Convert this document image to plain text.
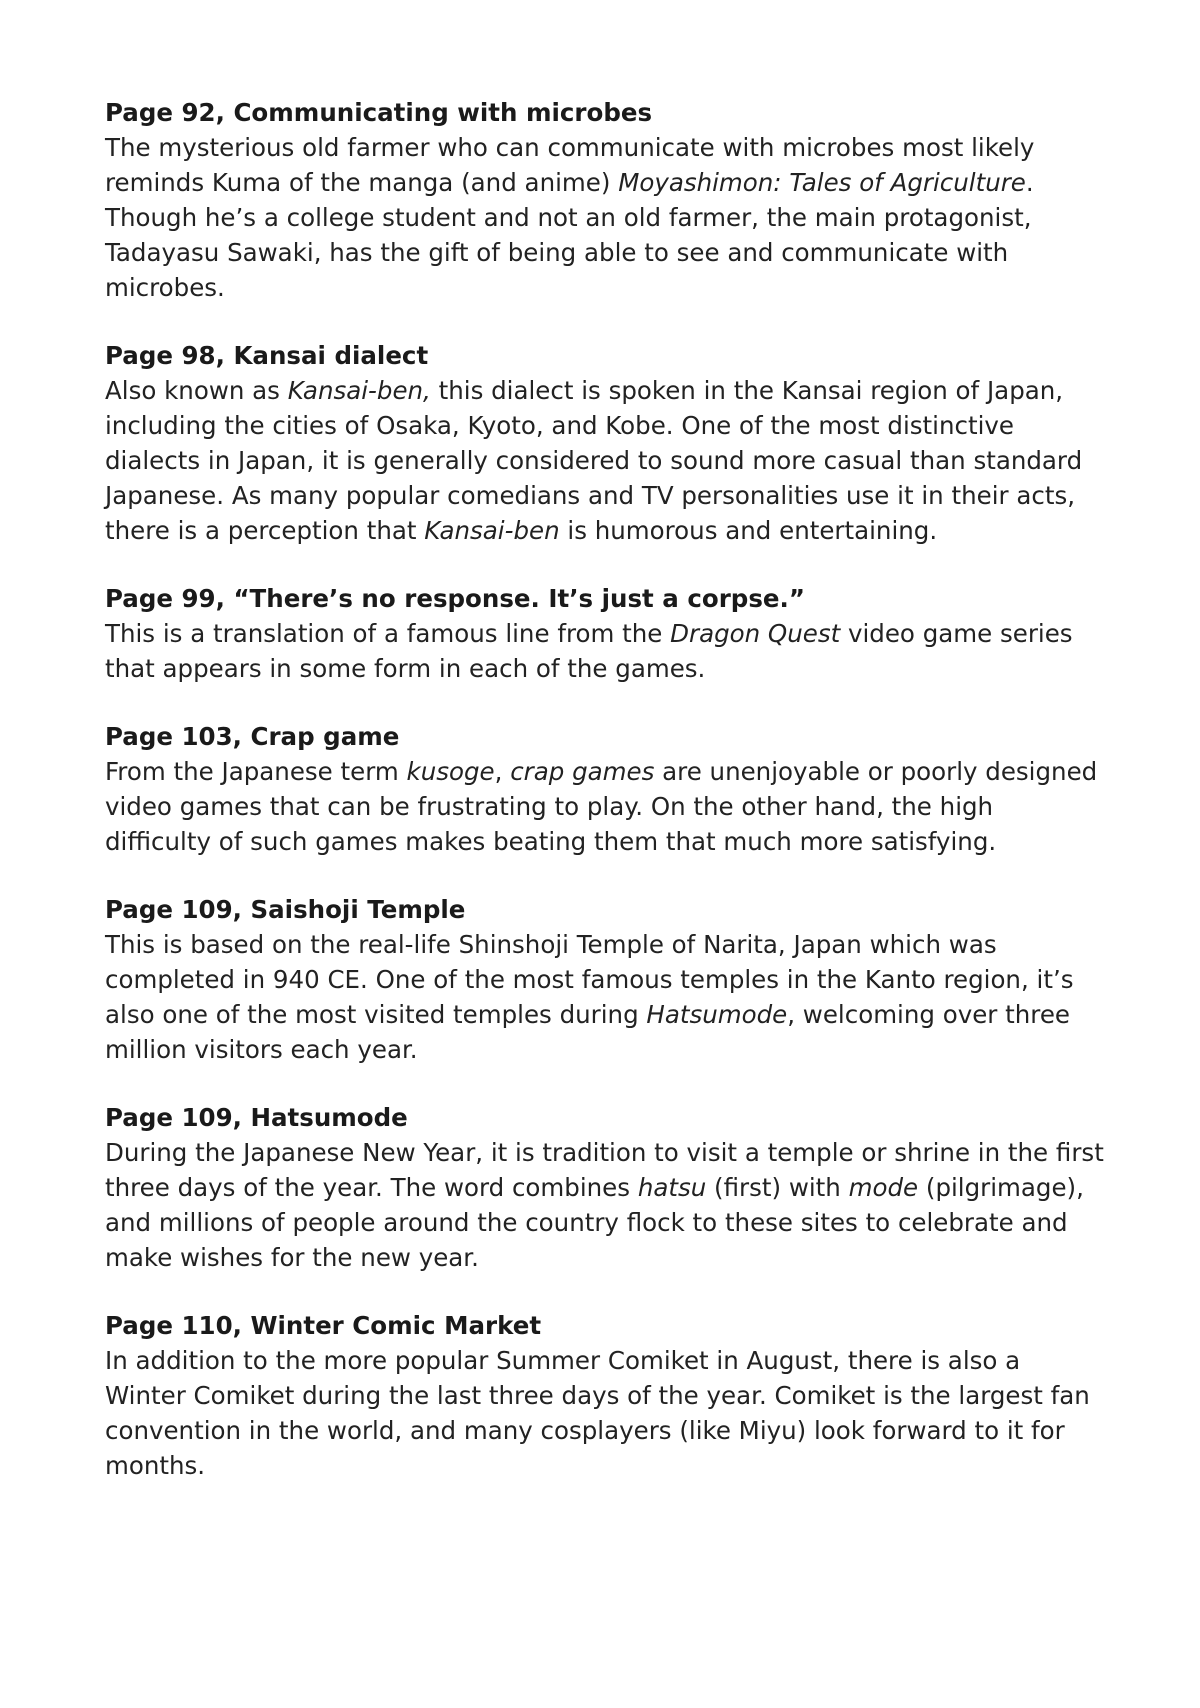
Page 92, Communicating with microbes

The mysterious old farmer who can communicate with microbes most likely reminds Kuma of the manga (and anime) Moyashimon: Tales of Agriculture. Though he’s a college student and not an old farmer, the main protagonist, Tadayasu Sawaki, has the gift of being able to see and communicate with microbes.

Page 98, Kansai dialect

Also known as Kansai-ben, this dialect is spoken in the Kansai region of Japan, including the cities of Osaka, Kyoto, and Kobe. One of the most distinctive dialects in Japan, it is generally considered to sound more casual than standard Japanese. As many popular comedians and TV personalities use it in their acts, there is a perception that Kansai-ben is humorous and entertaining.

Page 99, “There’s no response. It’s just a corpse.”

This is a translation of a famous line from the Dragon Quest video game series that appears in some form in each of the games.

Page 103, Crap game

From the Japanese term kusoge, crap games are unenjoyable or poorly designed video games that can be frustrating to play. On the other hand, the high difficulty of such games makes beating them that much more satisfying.

Page 109, Saishoji Temple

This is based on the real-life Shinshoji Temple of Narita, Japan which was completed in 940 CE. One of the most famous temples in the Kanto region, it’s also one of the most visited temples during Hatsumode, welcoming over three million visitors each year.

Page 109, Hatsumode

During the Japanese New Year, it is tradition to visit a temple or shrine in the first three days of the year. The word combines hatsu (first) with mode (pilgrimage), and millions of people around the country flock to these sites to celebrate and make wishes for the new year.

Page 110, Winter Comic Market

In addition to the more popular Summer Comiket in August, there is also a Winter Comiket during the last three days of the year. Comiket is the largest fan convention in the world, and many cosplayers (like Miyu) look forward to it for months.
